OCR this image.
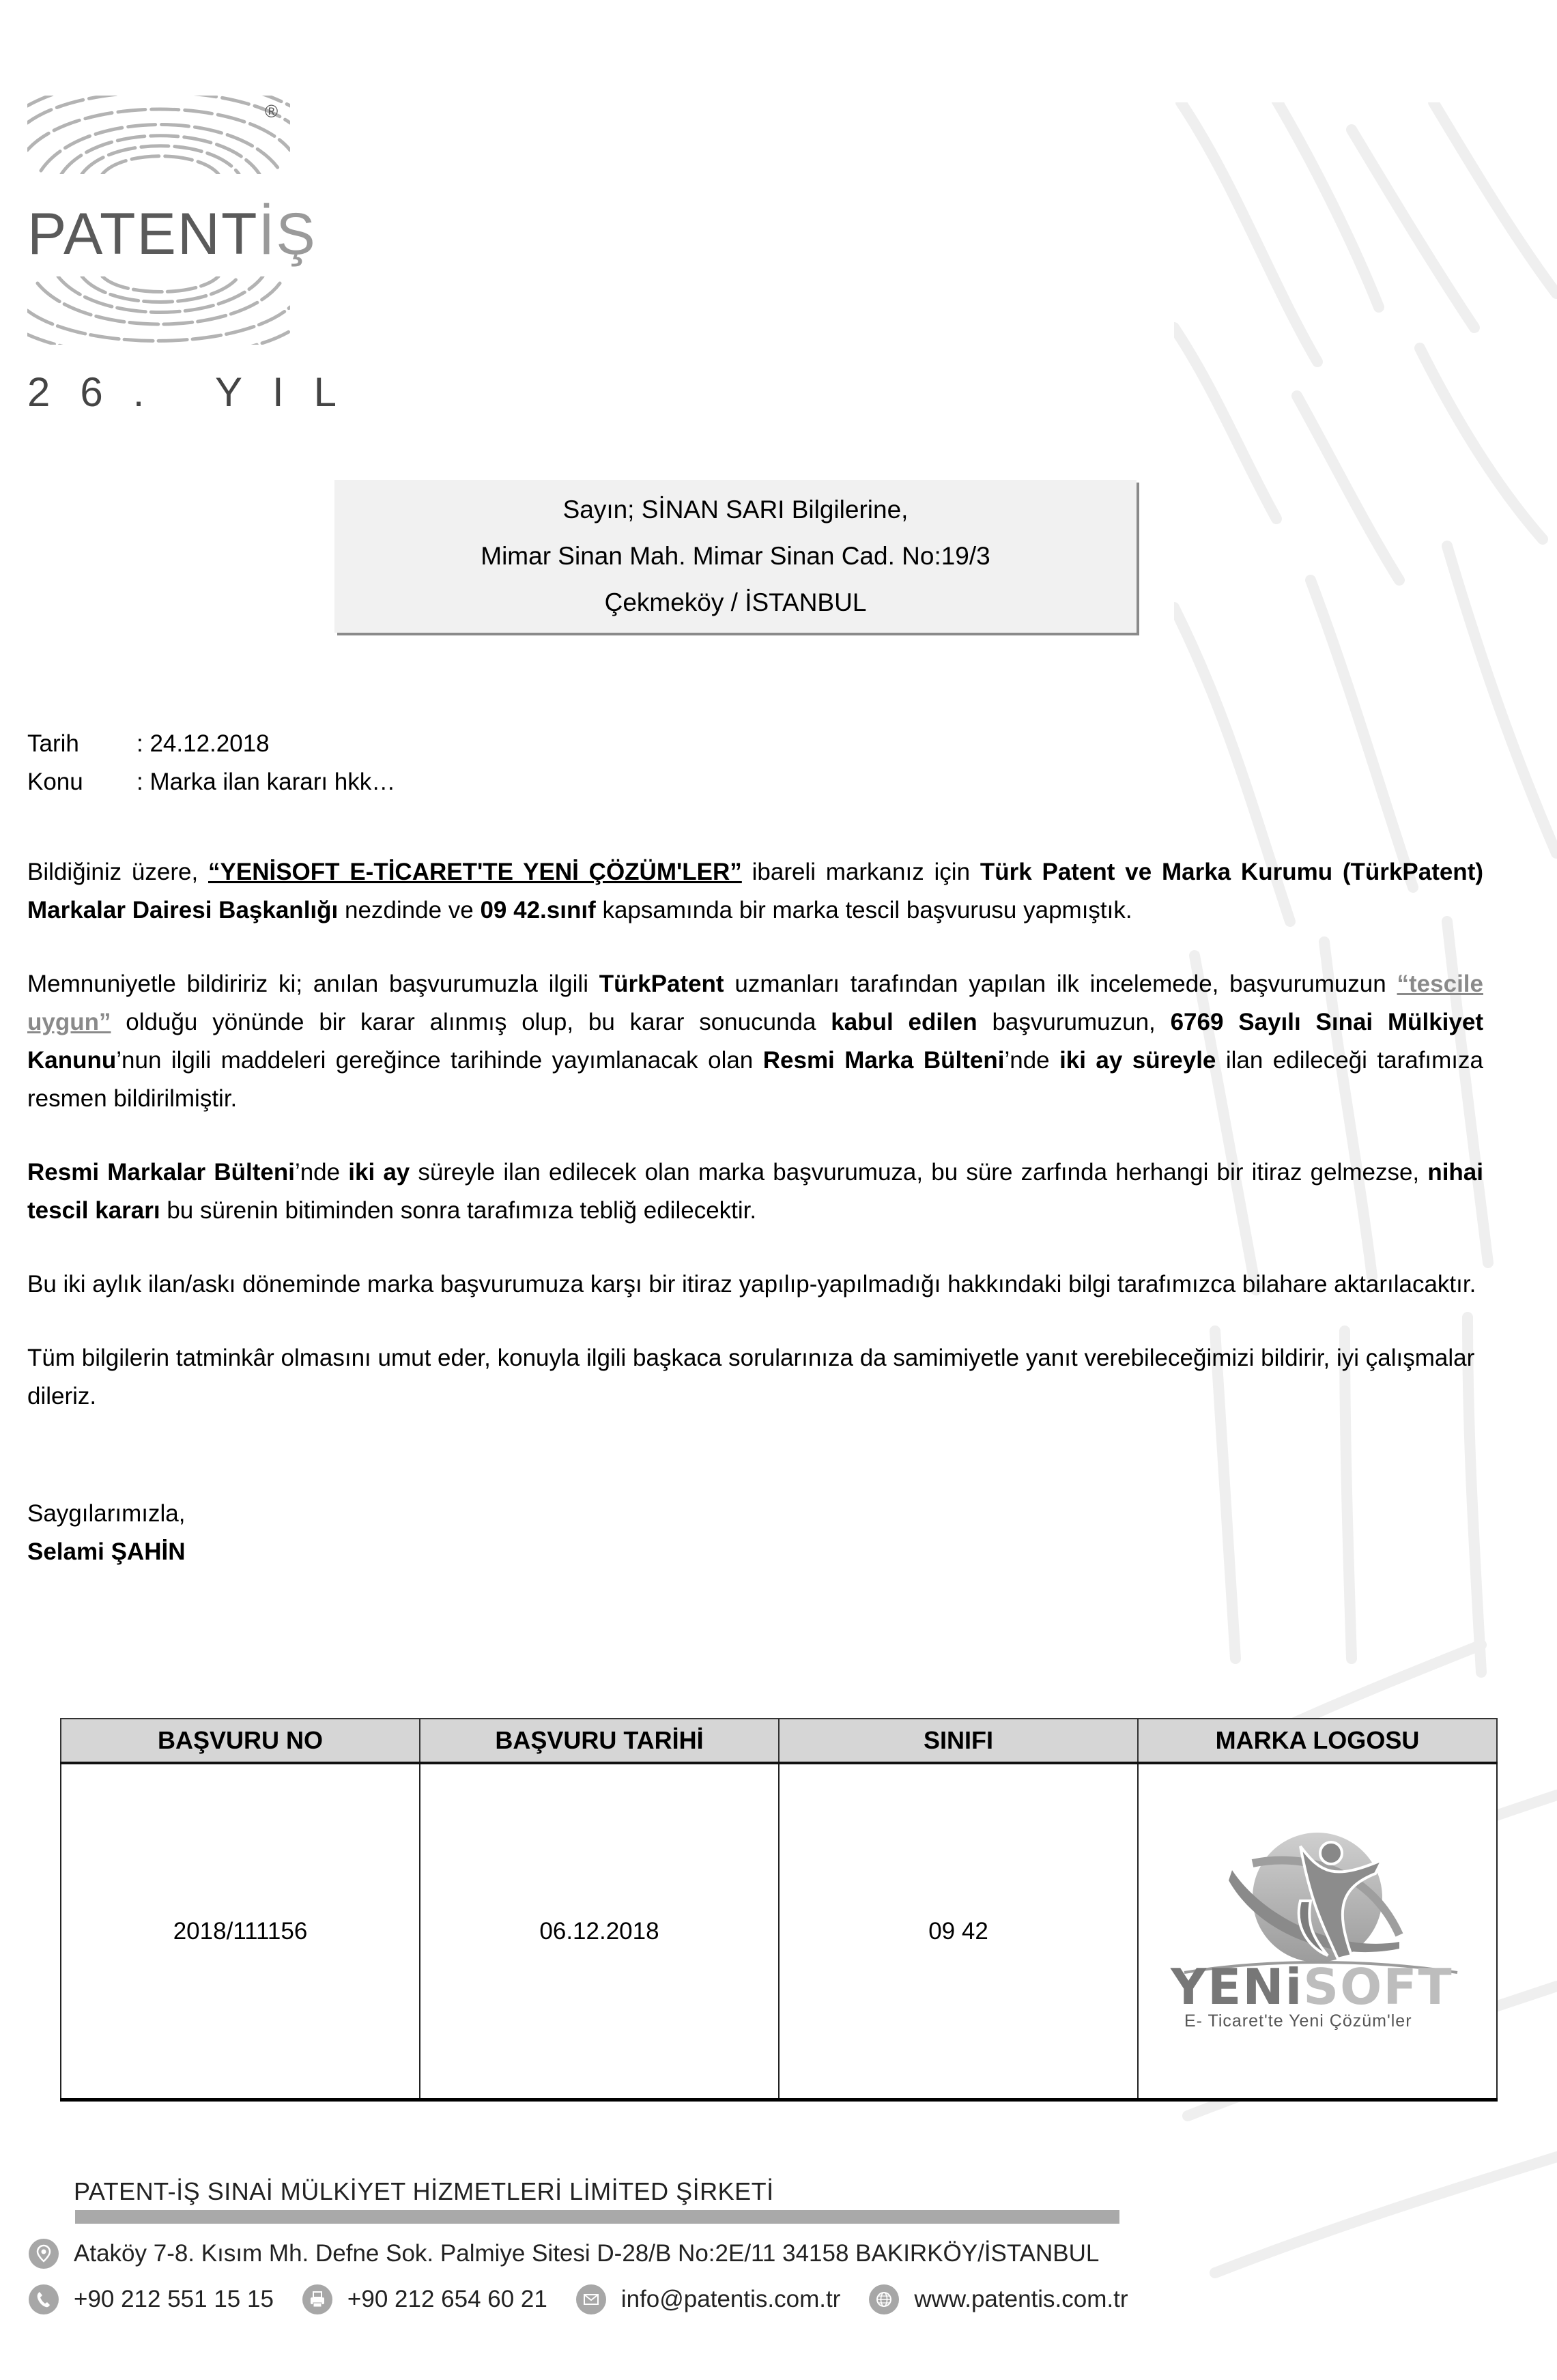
®
PATENTİŞ
26. YIL
Sayın; SİNAN SARI Bilgilerine,
Mimar Sinan Mah. Mimar Sinan Cad. No:19/3
Çekmeköy / İSTANBUL
Tarih	: 24.12.2018
Konu	: Marka ilan kararı hkk…

Bildiğiniz üzere, “YENİSOFT E-TİCARET'TE YENİ ÇÖZÜM'LER” ibareli markanız için Türk Patent ve Marka Kurumu (TürkPatent) Markalar Dairesi Başkanlığı nezdinde ve 09 42.sınıf kapsamında bir marka tescil başvurusu yapmıştık.

Memnuniyetle bildiririz ki; anılan başvurumuzla ilgili TürkPatent uzmanları tarafından yapılan ilk incelemede, başvurumuzun “tescile uygun” olduğu yönünde bir karar alınmış olup, bu karar sonucunda kabul edilen başvurumuzun, 6769 Sayılı Sınai Mülkiyet Kanunu’nun ilgili maddeleri gereğince tarihinde yayımlanacak olan Resmi Marka Bülteni’nde iki ay süreyle ilan edileceği tarafımıza resmen bildirilmiştir.

Resmi Markalar Bülteni’nde iki ay süreyle ilan edilecek olan marka başvurumuza, bu süre zarfında herhangi bir itiraz gelmezse, nihai tescil kararı bu sürenin bitiminden sonra tarafımıza tebliğ edilecektir.

Bu iki aylık ilan/askı döneminde marka başvurumuza karşı bir itiraz yapılıp-yapılmadığı hakkındaki bilgi tarafımızca bilahare aktarılacaktır.

Tüm bilgilerin tatminkâr olmasını umut eder, konuyla ilgili başkaca sorularınıza da samimiyetle yanıt verebileceğimizi bildirir, iyi çalışmalar dileriz.

Saygılarımızla,
Selami ŞAHİN
BAŞVURU NO	BAŞVURU TARİHİ	SINIFI	MARKA LOGOSU
2018/111156	06.12.2018	09 42	YENiSOFT
E- Ticaret'te Yeni Çözüm'ler
PATENT-İŞ SINAİ MÜLKİYET HİZMETLERİ LİMİTED ŞİRKETİ
Ataköy 7-8. Kısım Mh. Defne Sok. Palmiye Sitesi D-28/B No:2E/11 34158 BAKIRKÖY/İSTANBUL
+90 212 551 15 15	+90 212 654 60 21	info@patentis.com.tr	www.patentis.com.tr
